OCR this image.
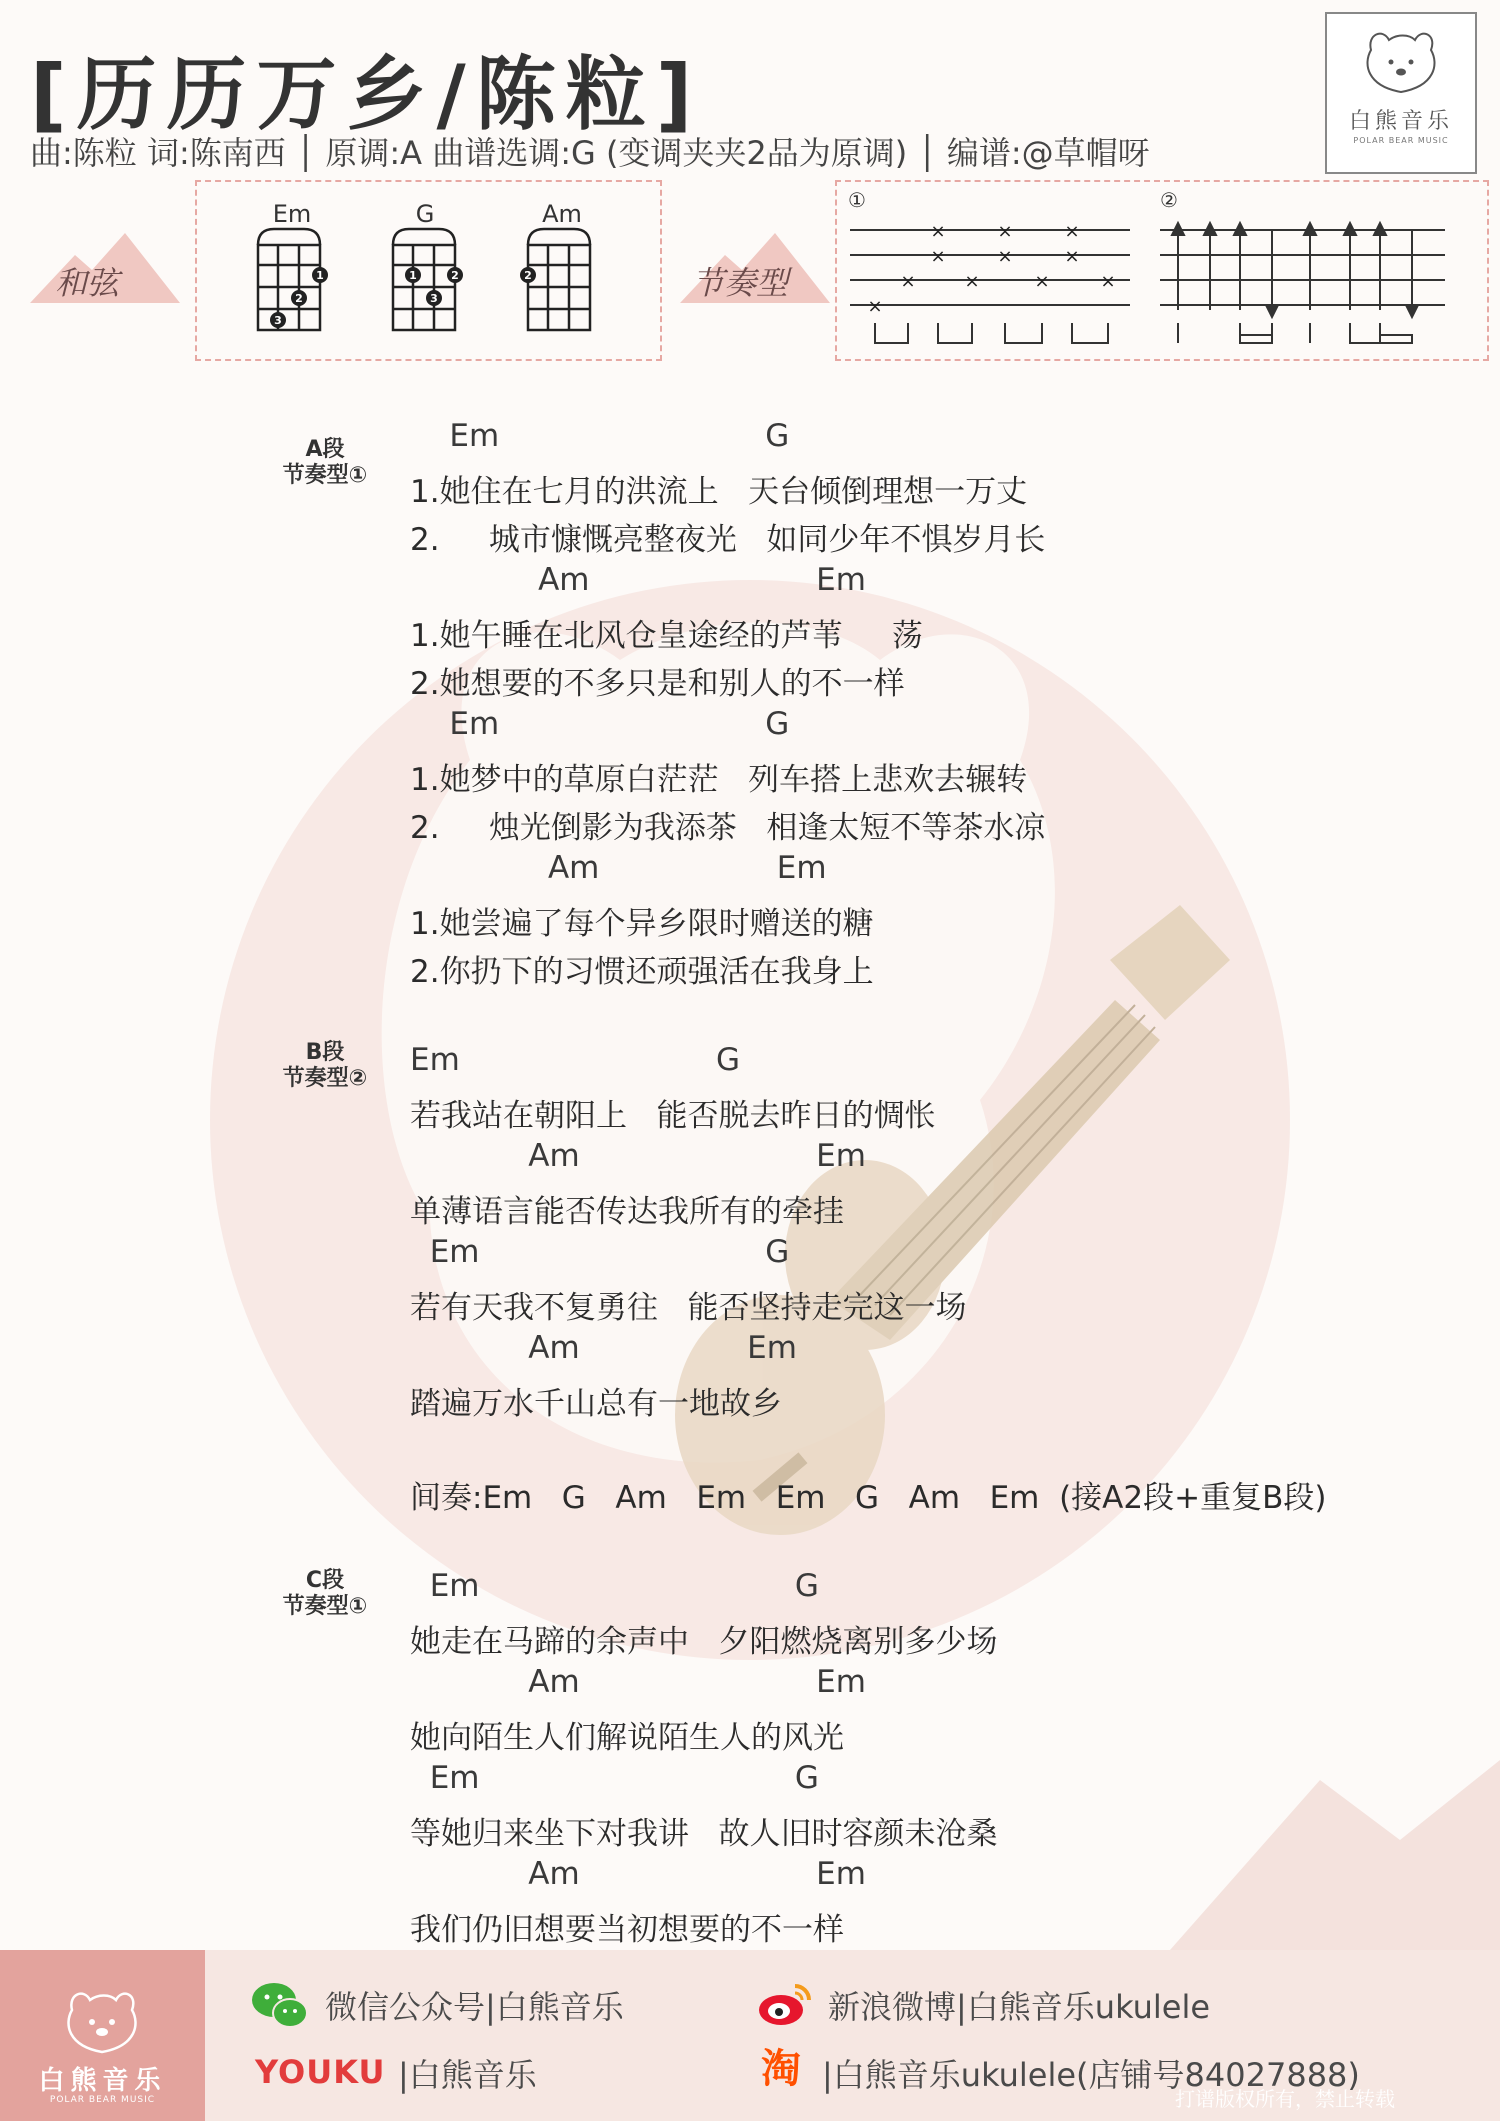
[历历万乡/陈粒]
曲:陈粒 词:陈南西 │ 原调:A 曲谱选调:G (变调夹夹2品为原调) │ 编谱:@草帽呀
白熊音乐
POLAR BEAR MUSIC
和弦
Em	G	Am
1
2
3
1	2
3
2	节奏型
①	②
×
×
×
×
×
×
×
×
×
×
×
A段
节奏型①
Em                           G
1.她住在七月的洪流上   天台倾倒理想一万丈
2.     城市慷慨亮整夜光   如同少年不惧岁月长
Am                       Em
1.她午睡在北风仓皇途经的芦苇     荡
2.她想要的不多只是和别人的不一样
Em                           G
1.她梦中的草原白茫茫   列车搭上悲欢去辗转
2.     烛光倒影为我添茶   相逢太短不等茶水凉
Am                  Em
1.她尝遍了每个异乡限时赠送的糖
2.你扔下的习惯还顽强活在我身上
B段
节奏型②
Em                          G
若我站在朝阳上   能否脱去昨日的惆怅
Am                        Em
单薄语言能否传达我所有的牵挂
Em                             G
若有天我不复勇往   能否坚持走完这一场
Am                 Em
踏遍万水千山总有一地故乡
间奏:Em   G   Am   Em   Em   G   Am   Em  (接A2段+重复B段)
C段
节奏型①
Em                                G
她走在马蹄的余声中   夕阳燃烧离别多少场
Am                        Em
她向陌生人们解说陌生人的风光
Em                                G
等她归来坐下对我讲   故人旧时容颜未沧桑
Am                        Em
我们仍旧想要当初想要的不一样
白熊音乐
POLAR BEAR MUSIC
微信公众号|白熊音乐	新浪微博|白熊音乐ukulele
YOUKU |白熊音乐	淘 |白熊音乐ukulele(店铺号84027888)
打谱版权所有，禁止转载
